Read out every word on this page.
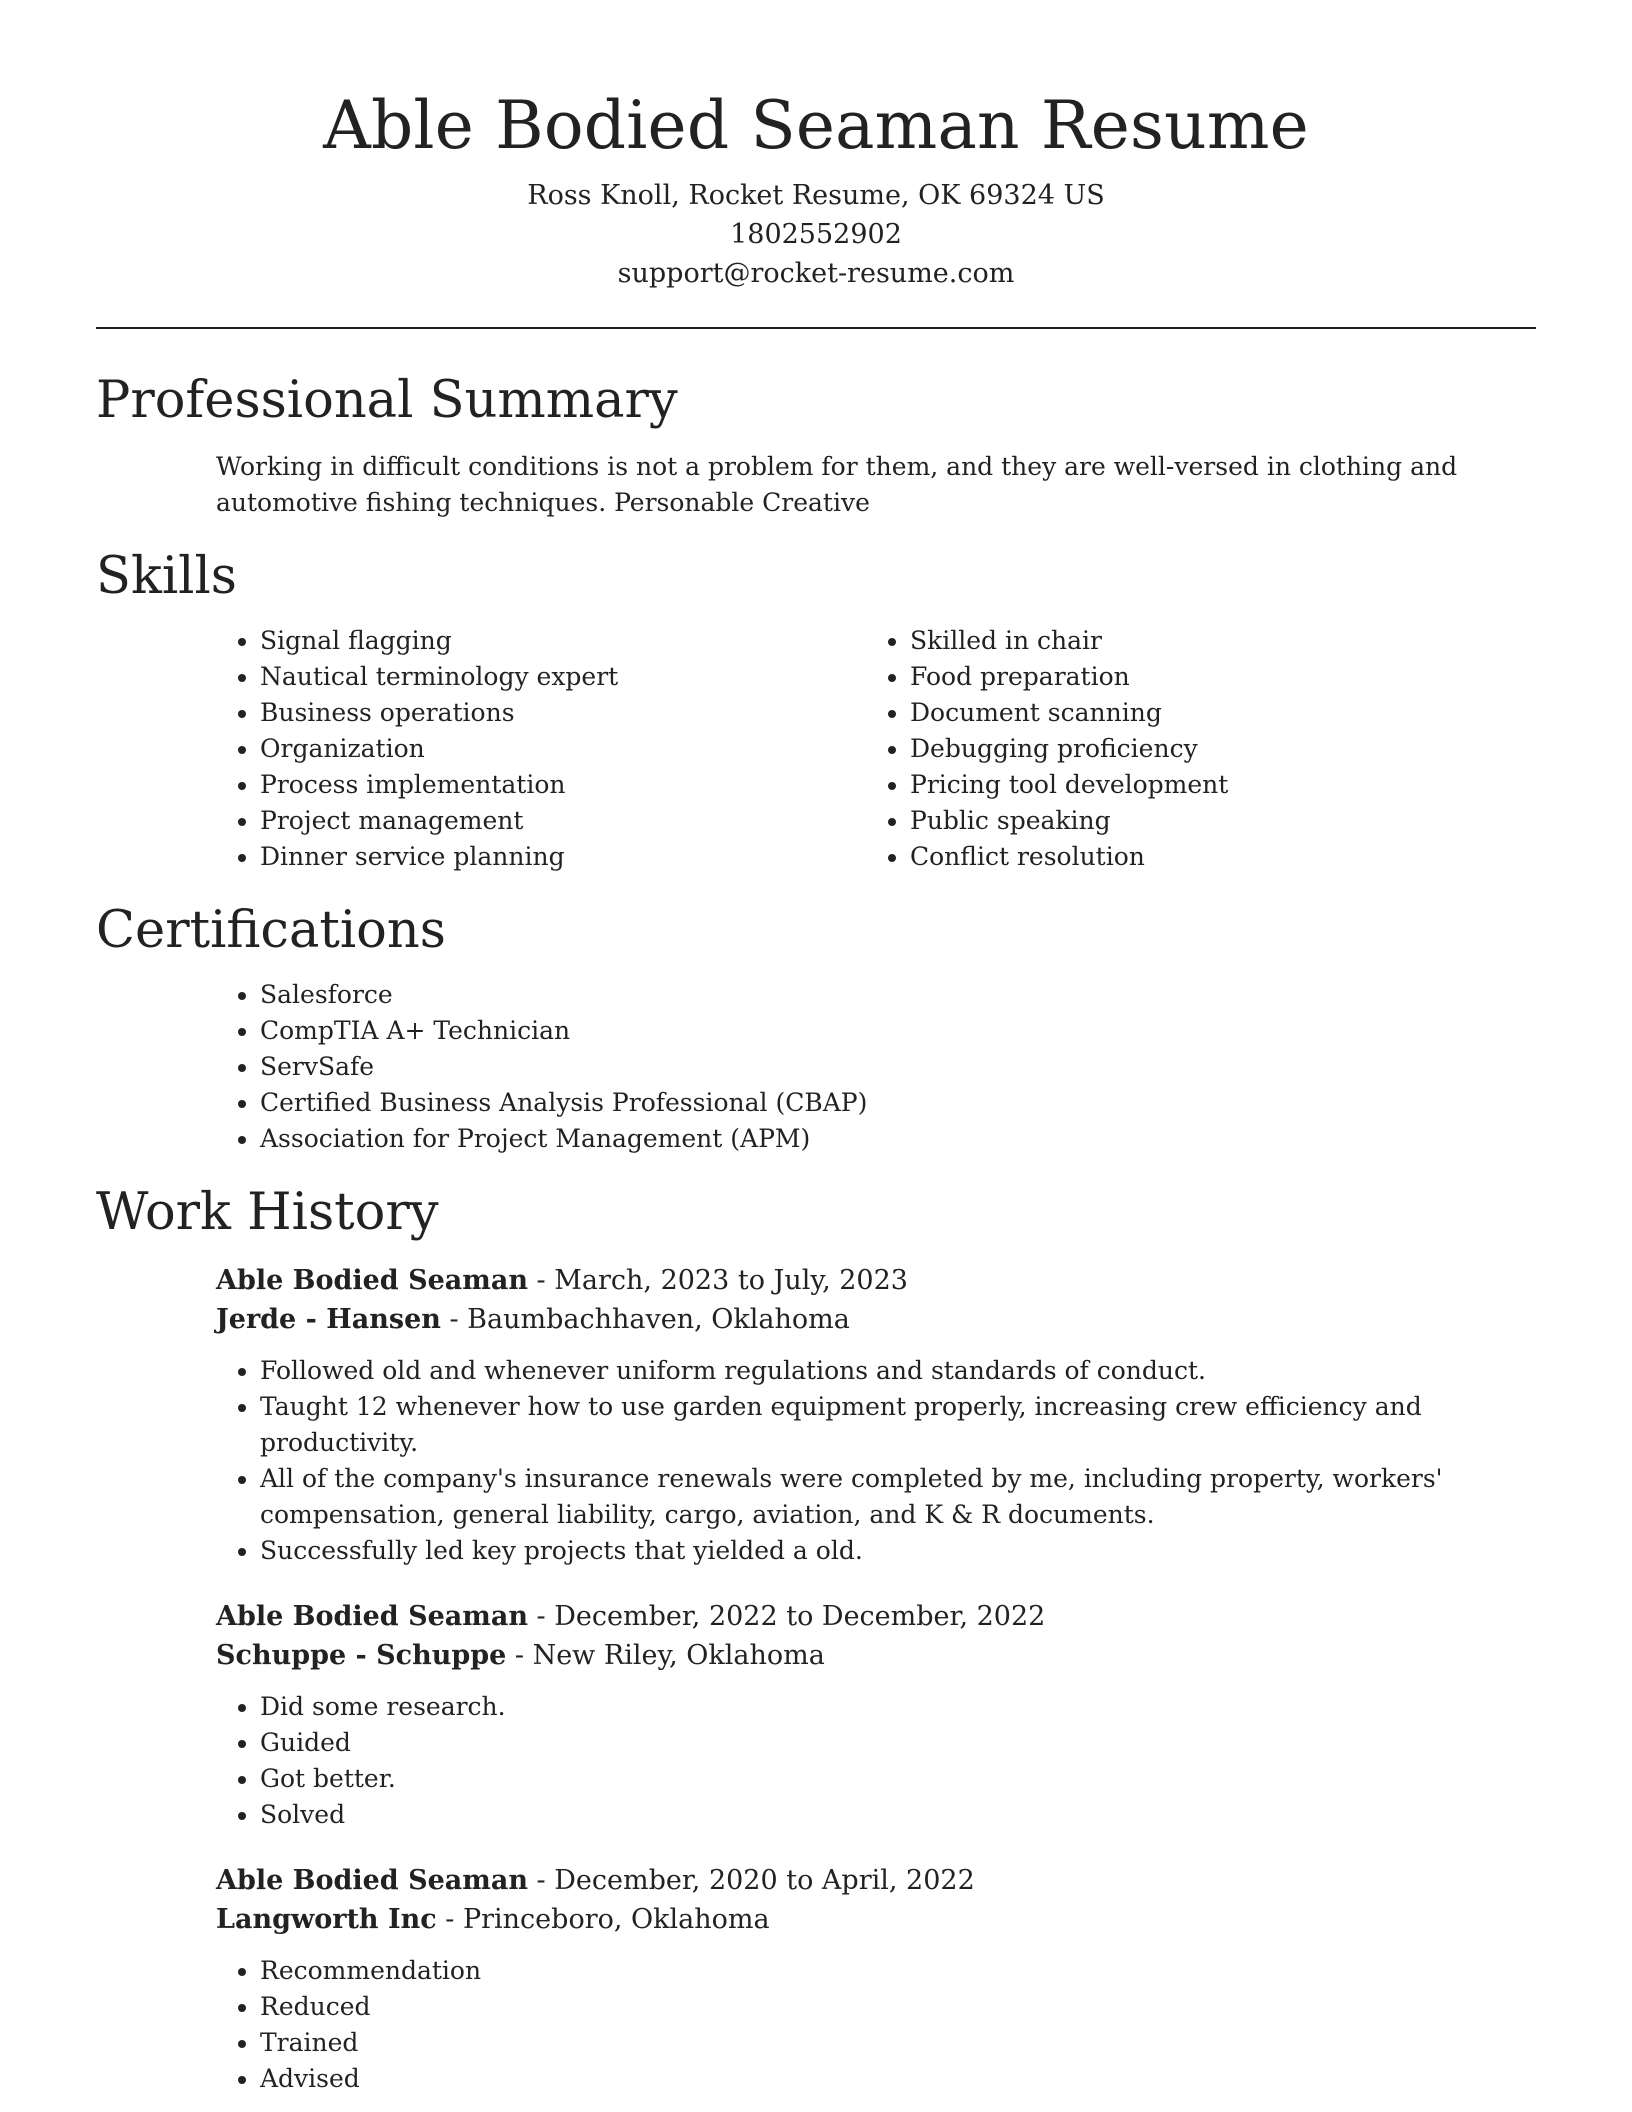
Able Bodied Seaman Resume
Ross Knoll, Rocket Resume, OK 69324 US
1802552902
support@rocket-resume.com
Professional Summary

Working in difficult conditions is not a problem for them, and they are well-versed in clothing and automotive fishing techniques. Personable Creative

Skills
• Signal flagging
• Nautical terminology expert
• Business operations
• Organization
• Process implementation
• Project management
• Dinner service planning
• Skilled in chair
• Food preparation
• Document scanning
• Debugging proficiency
• Pricing tool development
• Public speaking
• Conflict resolution
Certifications
• Salesforce
• CompTIA A+ Technician
• ServSafe
• Certified Business Analysis Professional (CBAP)
• Association for Project Management (APM)
Work History
Able Bodied Seaman - March, 2023 to July, 2023
Jerde - Hansen - Baumbachhaven, Oklahoma
• Followed old and whenever uniform regulations and standards of conduct.
• Taught 12 whenever how to use garden equipment properly, increasing crew efficiency and productivity.
• All of the company's insurance renewals were completed by me, including property, workers' compensation, general liability, cargo, aviation, and K & R documents.
• Successfully led key projects that yielded a old.
Able Bodied Seaman - December, 2022 to December, 2022
Schuppe - Schuppe - New Riley, Oklahoma
• Did some research.
• Guided
• Got better.
• Solved
Able Bodied Seaman - December, 2020 to April, 2022
Langworth Inc - Princeboro, Oklahoma
• Recommendation
• Reduced
• Trained
• Advised
